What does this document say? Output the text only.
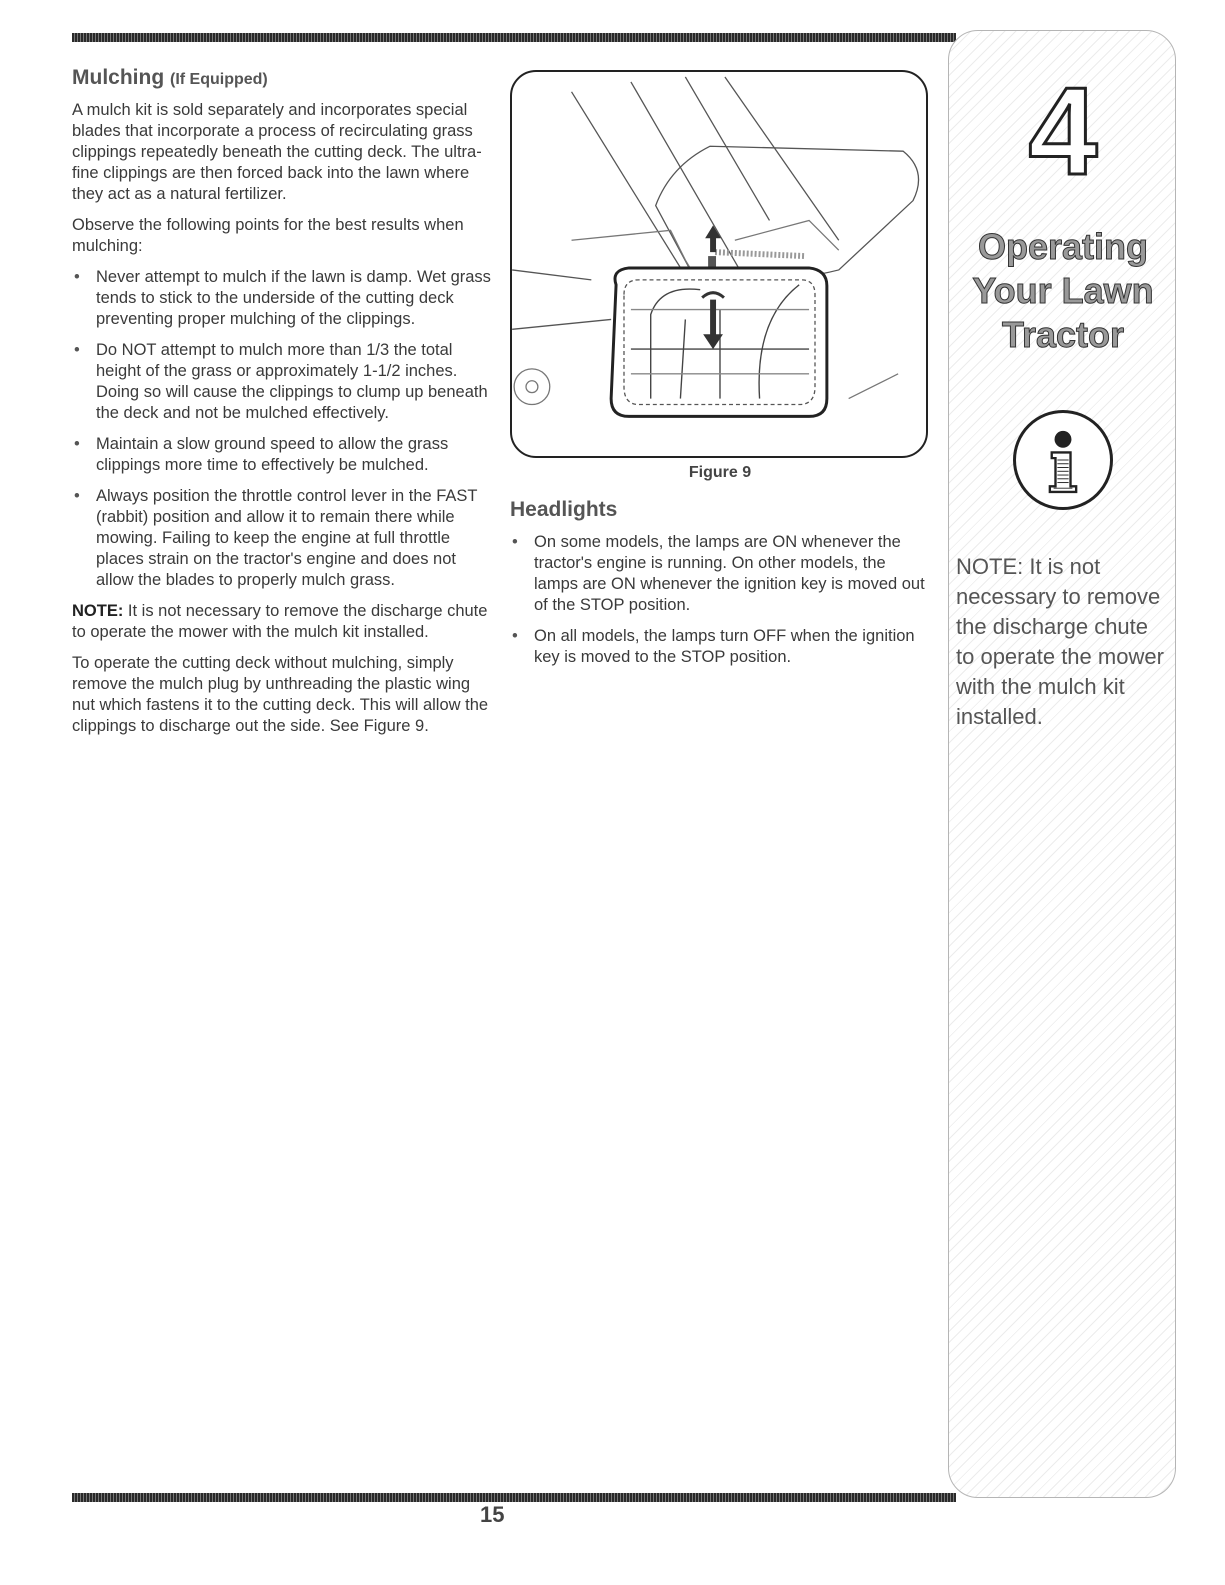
Mulching (If Equipped)

A mulch kit is sold separately and incorporates special blades that incorporate a process of recirculating grass clippings repeatedly beneath the cutting deck. The ultra-fine clippings are then forced back into the lawn where they act as a natural fertilizer.

Observe the following points for the best results when mulching:

• Never attempt to mulch if the lawn is damp. Wet grass tends to stick to the underside of the cutting deck preventing proper mulching of the clippings.
• Do NOT attempt to mulch more than 1/3 the total height of the grass or approximately 1-1/2 inches. Doing so will cause the clippings to clump up beneath the deck and not be mulched effectively.
• Maintain a slow ground speed to allow the grass clippings more time to effectively be mulched.
• Always position the throttle control lever in the FAST (rabbit) position and allow it to remain there while mowing. Failing to keep the engine at full throttle places strain on the tractor's engine and does not allow the blades to properly mulch grass.

NOTE: It is not necessary to remove the discharge chute to operate the mower with the mulch kit installed.

To operate the cutting deck without mulching, simply remove the mulch plug by unthreading the plastic wing nut which fastens it to the cutting deck. This will allow the clippings to discharge out the side. See Figure 9.

Figure 9
Headlights
• On some models, the lamps are ON whenever the tractor's engine is running. On other models, the lamps are ON whenever the ignition key is moved out of the STOP position.
• On all models, the lamps turn OFF when the ignition key is moved to the STOP position.
4
Operating
Your Lawn
Tractor
NOTE: It is not necessary to remove the discharge chute to operate the mower with the mulch kit installed.
15
